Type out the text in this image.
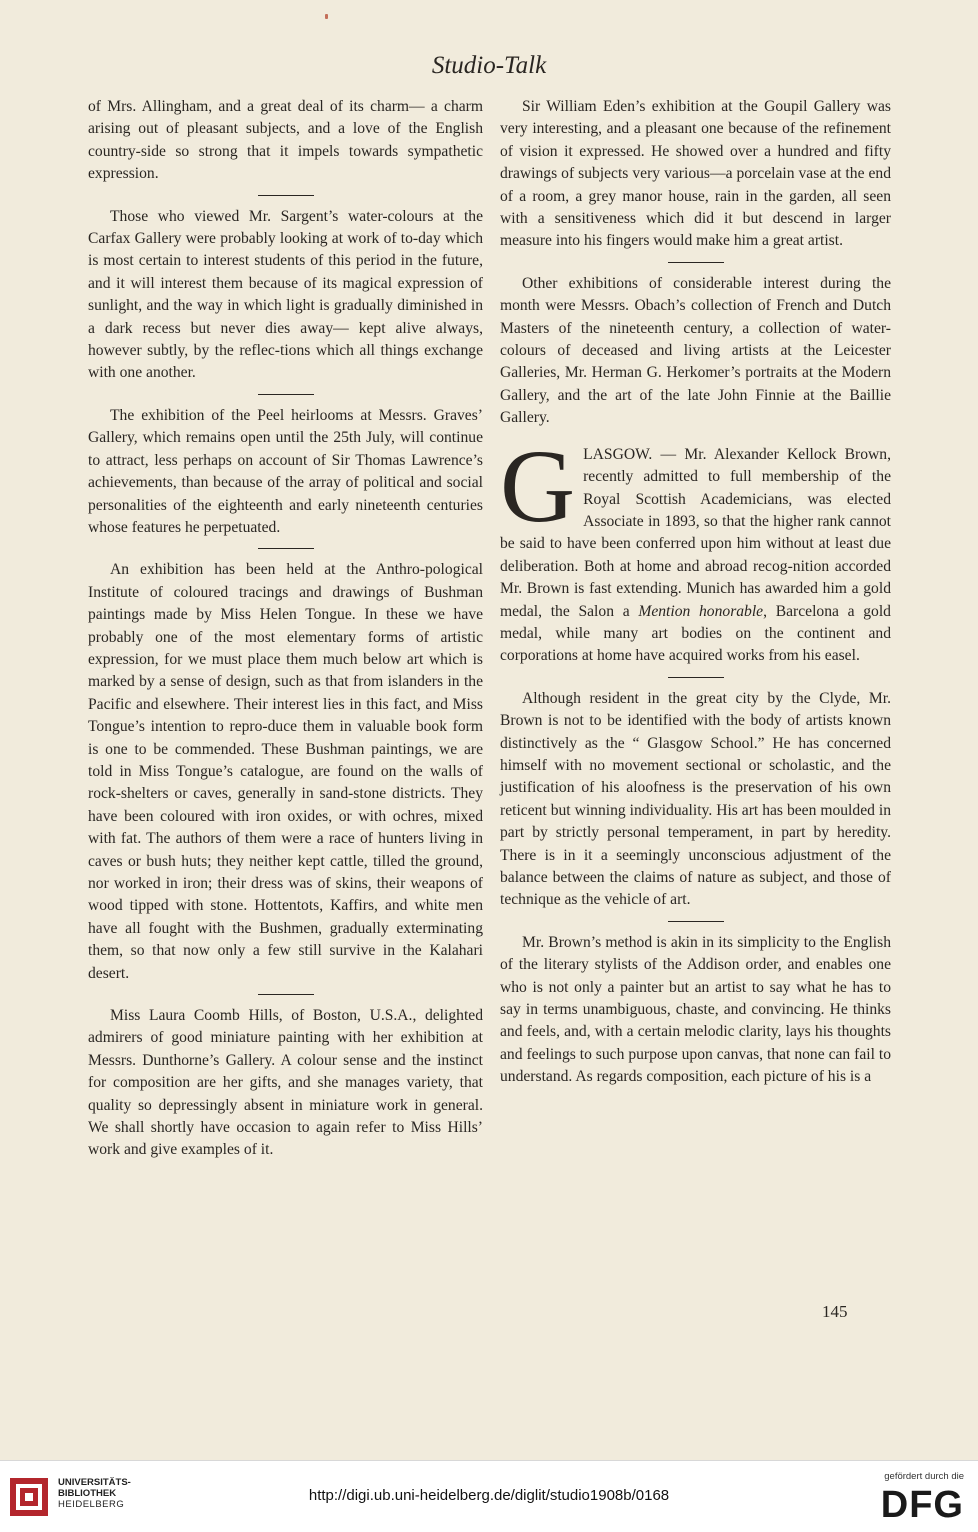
Studio-Talk

of Mrs. Allingham, and a great deal of its charm— a charm arising out of pleasant subjects, and a love of the English country-side so strong that it impels towards sympathetic expression.

Those who viewed Mr. Sargent’s water-colours at the Carfax Gallery were probably looking at work of to-day which is most certain to interest students of this period in the future, and it will interest them because of its magical expression of sunlight, and the way in which light is gradually diminished in a dark recess but never dies away— kept alive always, however subtly, by the reflec-tions which all things exchange with one another.

The exhibition of the Peel heirlooms at Messrs. Graves’ Gallery, which remains open until the 25th July, will continue to attract, less perhaps on account of Sir Thomas Lawrence’s achievements, than because of the array of political and social personalities of the eighteenth and early nineteenth centuries whose features he perpetuated.

An exhibition has been held at the Anthro-pological Institute of coloured tracings and drawings of Bushman paintings made by Miss Helen Tongue. In these we have probably one of the most elementary forms of artistic expression, for we must place them much below art which is marked by a sense of design, such as that from islanders in the Pacific and elsewhere. Their interest lies in this fact, and Miss Tongue’s intention to repro-duce them in valuable book form is one to be commended. These Bushman paintings, we are told in Miss Tongue’s catalogue, are found on the walls of rock-shelters or caves, generally in sand-stone districts. They have been coloured with iron oxides, or with ochres, mixed with fat. The authors of them were a race of hunters living in caves or bush huts; they neither kept cattle, tilled the ground, nor worked in iron; their dress was of skins, their weapons of wood tipped with stone. Hottentots, Kaffirs, and white men have all fought with the Bushmen, gradually exterminating them, so that now only a few still survive in the Kalahari desert.

Miss Laura Coomb Hills, of Boston, U.S.A., delighted admirers of good miniature painting with her exhibition at Messrs. Dunthorne’s Gallery. A colour sense and the instinct for composition are her gifts, and she manages variety, that quality so depressingly absent in miniature work in general. We shall shortly have occasion to again refer to Miss Hills’ work and give examples of it.

Sir William Eden’s exhibition at the Goupil Gallery was very interesting, and a pleasant one because of the refinement of vision it expressed. He showed over a hundred and fifty drawings of subjects very various—a porcelain vase at the end of a room, a grey manor house, rain in the garden, all seen with a sensitiveness which did it but descend in larger measure into his fingers would make him a great artist.

Other exhibitions of considerable interest during the month were Messrs. Obach’s collection of French and Dutch Masters of the nineteenth century, a collection of water-colours of deceased and living artists at the Leicester Galleries, Mr. Herman G. Herkomer’s portraits at the Modern Gallery, and the art of the late John Finnie at the Baillie Gallery.

GLASGOW. — Mr. Alexander Kellock Brown, recently admitted to full membership of the Royal Scottish Academicians, was elected Associate in 1893, so that the higher rank cannot be said to have been conferred upon him without at least due deliberation. Both at home and abroad recog-nition accorded Mr. Brown is fast extending. Munich has awarded him a gold medal, the Salon a Mention honorable, Barcelona a gold medal, while many art bodies on the continent and corporations at home have acquired works from his easel.

Although resident in the great city by the Clyde, Mr. Brown is not to be identified with the body of artists known distinctively as the “ Glasgow School.” He has concerned himself with no movement sectional or scholastic, and the justification of his aloofness is the preservation of his own reticent but winning individuality. His art has been moulded in part by strictly personal temperament, in part by heredity. There is in it a seemingly unconscious adjustment of the balance between the claims of nature as subject, and those of technique as the vehicle of art.

Mr. Brown’s method is akin in its simplicity to the English of the literary stylists of the Addison order, and enables one who is not only a painter but an artist to say what he has to say in terms unambiguous, chaste, and convincing. He thinks and feels, and, with a certain melodic clarity, lays his thoughts and feelings to such purpose upon canvas, that none can fail to understand. As regards composition, each picture of his is a

145
UNIVERSITÄTS-
BIBLIOTHEK
HEIDELBERG
http://digi.ub.uni-heidelberg.de/diglit/studio1908b/0168
gefördert durch die
DFG
